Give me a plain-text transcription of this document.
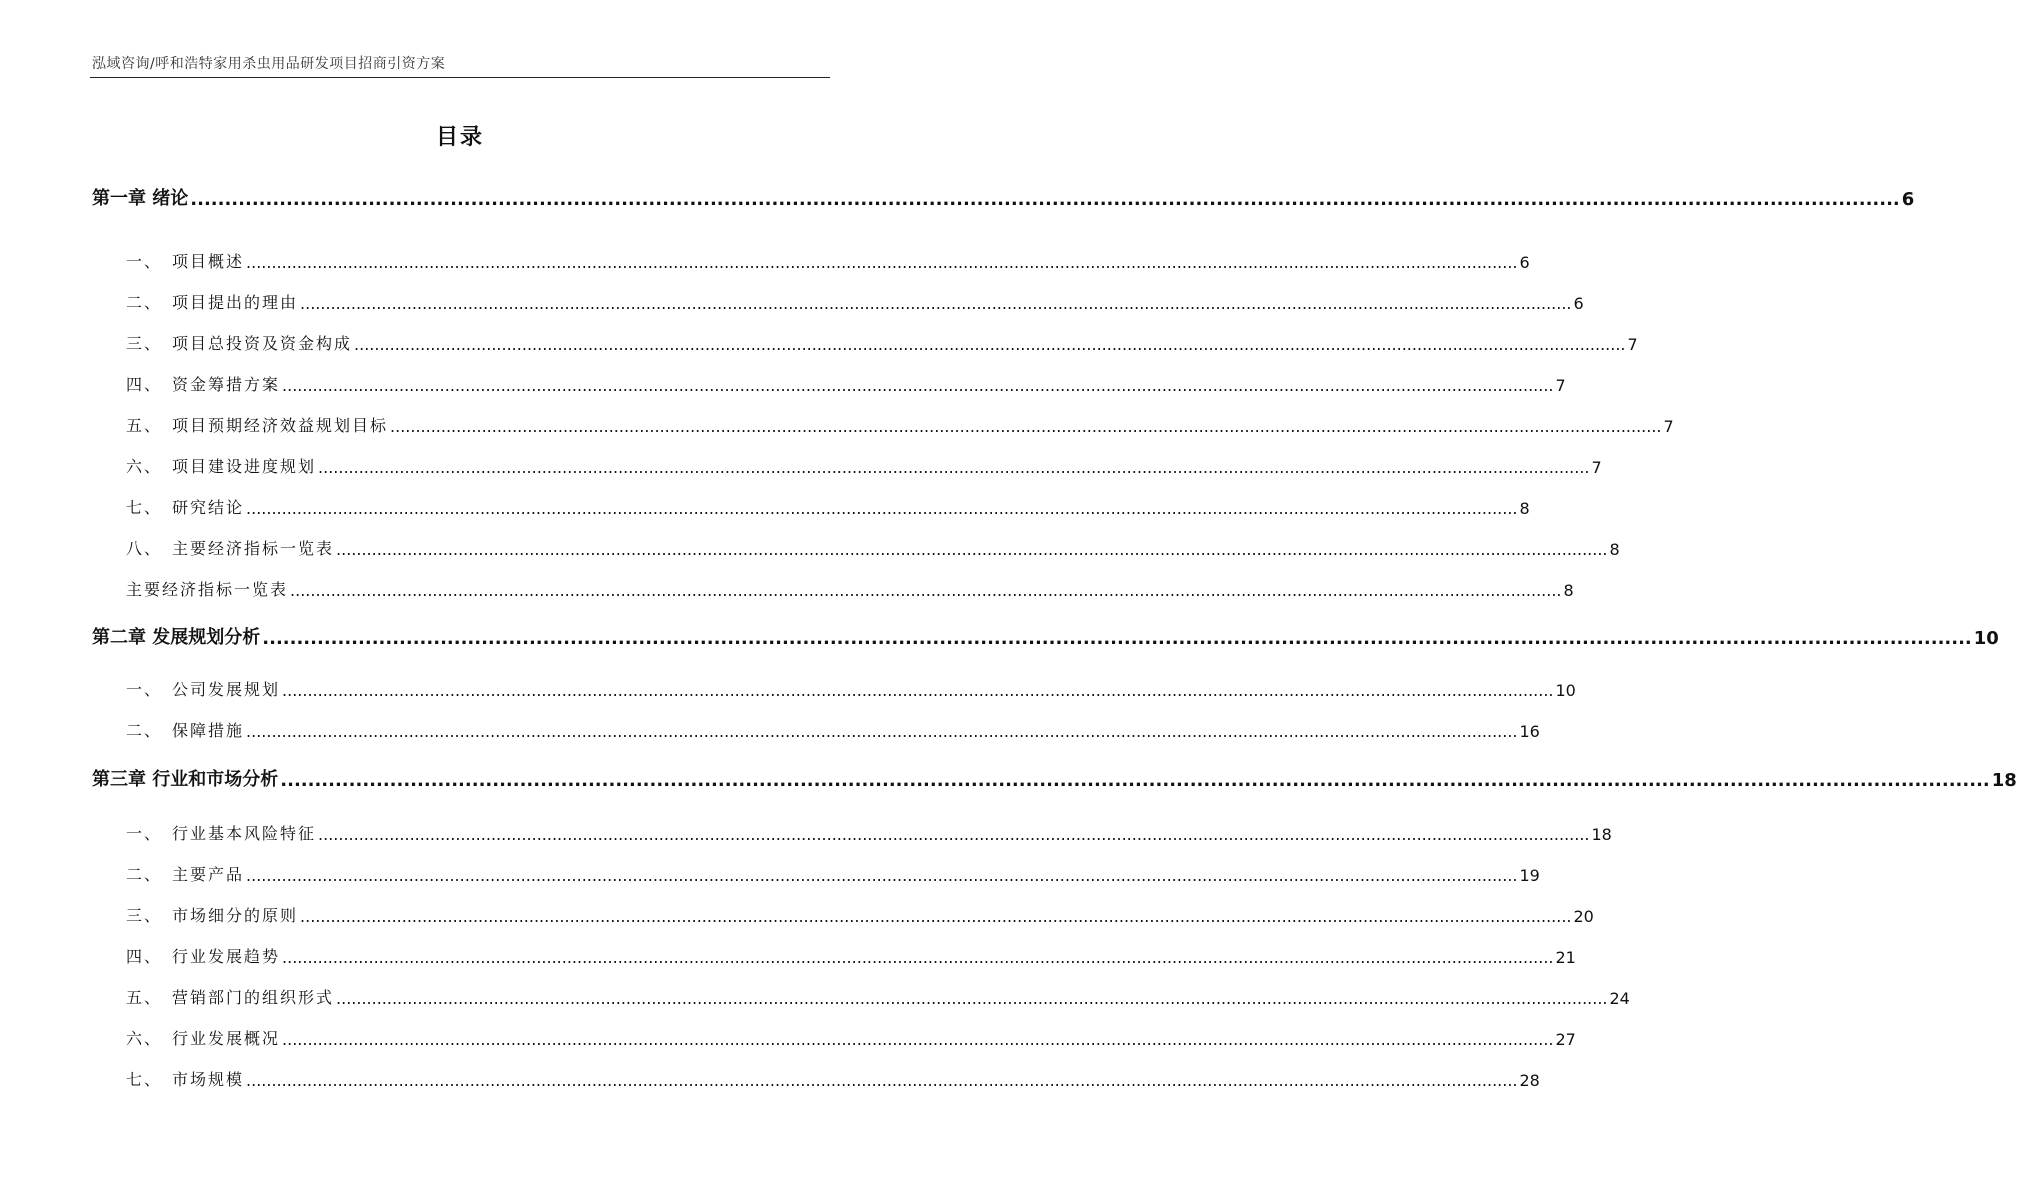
泓域咨询/呼和浩特家用杀虫用品研发项目招商引资方案
目录
第一章 绪论 .......................................................................................................................................................................................................................................................... 6
一、 项目概述 .......................................................................................................................................................................................................................................................... 6
二、 项目提出的理由 .......................................................................................................................................................................................................................................................... 6
三、 项目总投资及资金构成 .......................................................................................................................................................................................................................................................... 7
四、 资金筹措方案 .......................................................................................................................................................................................................................................................... 7
五、 项目预期经济效益规划目标 .......................................................................................................................................................................................................................................................... 7
六、 项目建设进度规划 .......................................................................................................................................................................................................................................................... 7
七、 研究结论 .......................................................................................................................................................................................................................................................... 8
八、 主要经济指标一览表 .......................................................................................................................................................................................................................................................... 8
主要经济指标一览表 .......................................................................................................................................................................................................................................................... 8
第二章 发展规划分析 .......................................................................................................................................................................................................................................................... 10
一、 公司发展规划 .......................................................................................................................................................................................................................................................... 10
二、 保障措施 .......................................................................................................................................................................................................................................................... 16
第三章 行业和市场分析 .......................................................................................................................................................................................................................................................... 18
一、 行业基本风险特征 .......................................................................................................................................................................................................................................................... 18
二、 主要产品 .......................................................................................................................................................................................................................................................... 19
三、 市场细分的原则 .......................................................................................................................................................................................................................................................... 20
四、 行业发展趋势 .......................................................................................................................................................................................................................................................... 21
五、 营销部门的组织形式 .......................................................................................................................................................................................................................................................... 24
六、 行业发展概况 .......................................................................................................................................................................................................................................................... 27
七、 市场规模 .......................................................................................................................................................................................................................................................... 28
